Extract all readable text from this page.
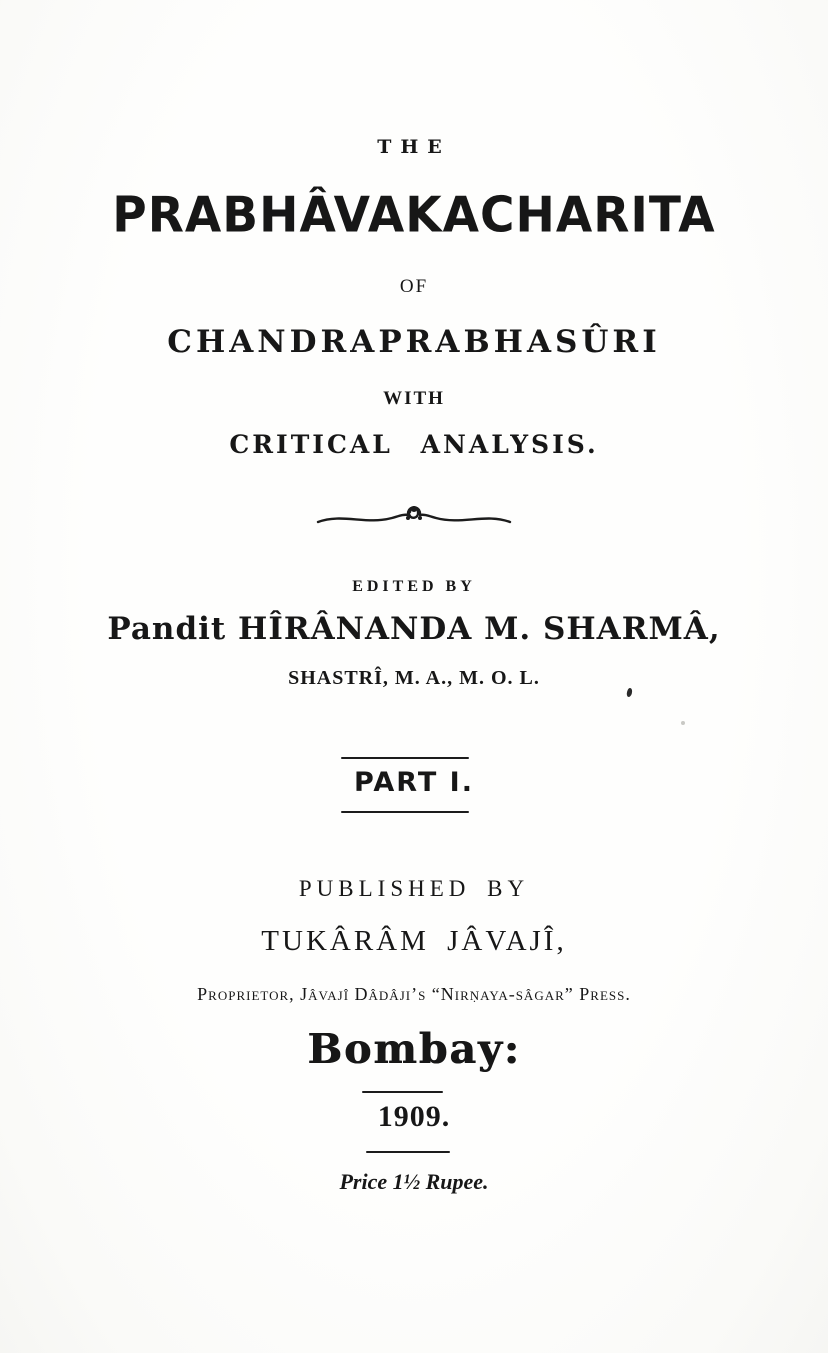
THE
PRABHÂVAKACHARITA
OF
CHANDRAPRABHASÛRI
WITH
CRITICAL ANALYSIS.
EDITED BY
Pandit HÎRÂNANDA M. SHARMÂ,
SHASTRÎ, M. A., M. O. L.
PART I.
PUBLISHED BY
TUKÂRÂM JÂVAJÎ,
Proprietor, Jâvajî Dâdâji’s “Nirṇaya-sâgar” Press.
Bombay:
1909.
Price 1½ Rupee.
